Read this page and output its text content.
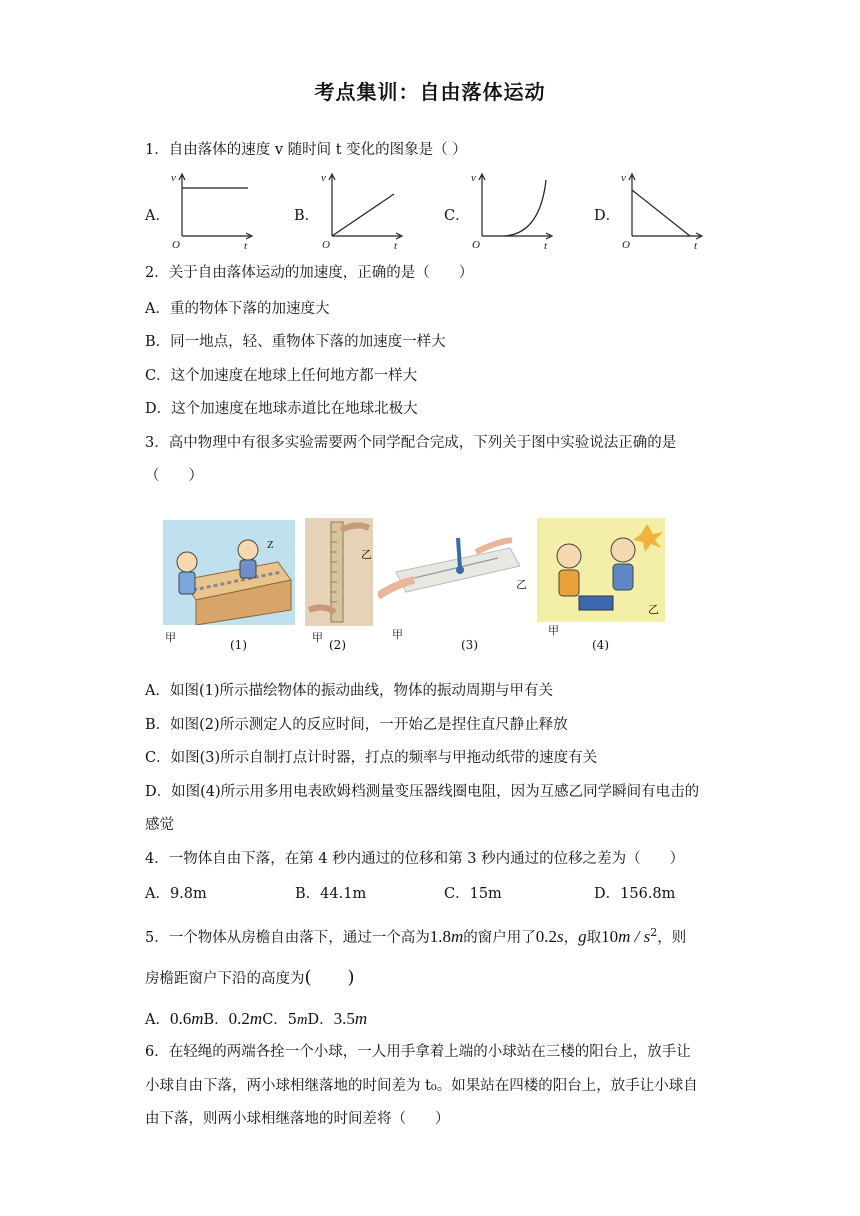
考点集训：自由落体运动
1．自由落体的速度 v 随时间 t 变化的图象是（ ）
A．
v
t
O
B．
v
t
O
C．
v
t
O
D．
v
t
O
2．关于自由落体运动的加速度，正确的是（　　）
A．重的物体下落的加速度大
B．同一地点，轻、重物体下落的加速度一样大
C．这个加速度在地球上任何地方都一样大
D．这个加速度在地球赤道比在地球北极大
3．高中物理中有很多实验需要两个同学配合完成，下列关于图中实验说法正确的是
（　　）
Z
甲
(1)
乙
甲
(2)
乙
甲
(3)
乙
甲
(4)
A．如图(1)所示描绘物体的振动曲线，物体的振动周期与甲有关
B．如图(2)所示测定人的反应时间，一开始乙是捏住直尺静止释放
C．如图(3)所示自制打点计时器，打点的频率与甲拖动纸带的速度有关
D．如图(4)所示用多用电表欧姆档测量变压器线圈电阻，因为互感乙同学瞬间有电击的
感觉
4．一物体自由下落，在第 4 秒内通过的位移和第 3 秒内通过的位移之差为（　　）
A．9.8m	B．44.1m	C．15m	D．156.8m
5．一个物体从房檐自由落下，通过一个高为1.8m的窗户用了0.2s，g取$10m / s^2$，则
房檐距窗户下沿的高度为(　　)
A．0.6mB．0.2mC．5mD．3.5m
6．在轻绳的两端各拴一个小球，一人用手拿着上端的小球站在三楼的阳台上，放手让
小球自由下落，两小球相继落地的时间差为 t₀。如果站在四楼的阳台上，放手让小球自
由下落，则两小球相继落地的时间差将（　　）
